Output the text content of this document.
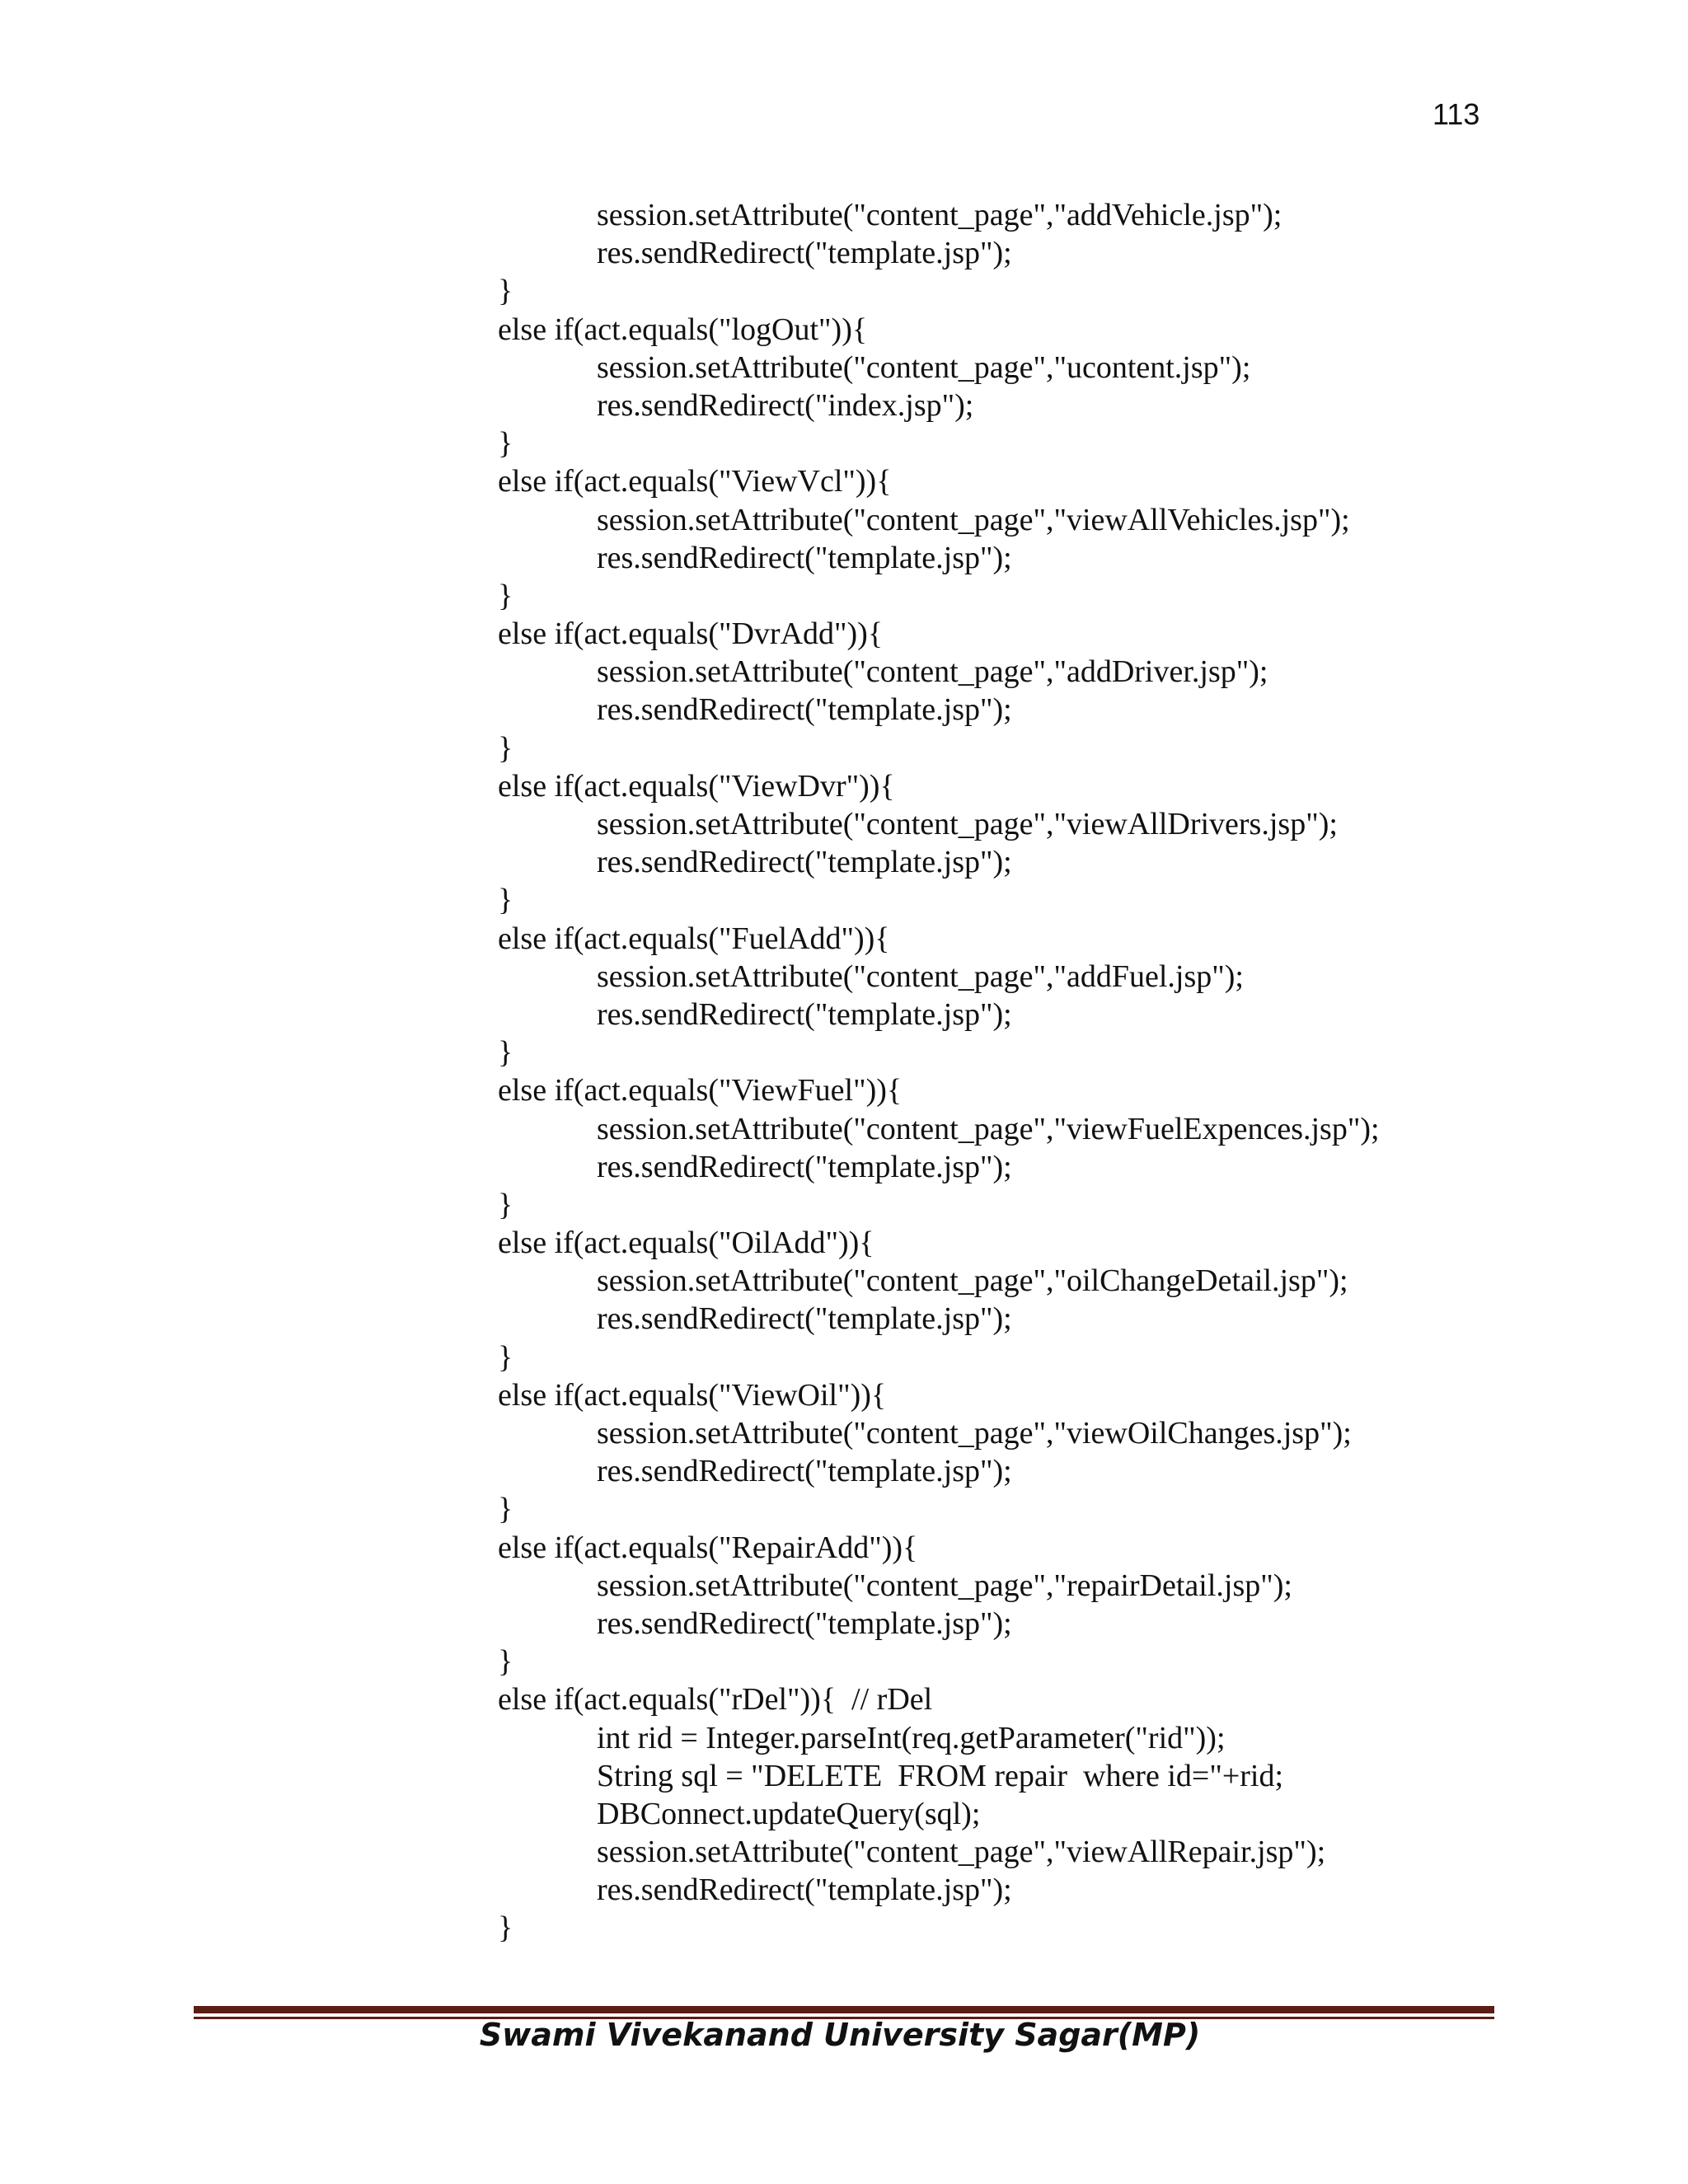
113
session.setAttribute("content_page","addVehicle.jsp");
res.sendRedirect("template.jsp");
}
else if(act.equals("logOut")){
session.setAttribute("content_page","ucontent.jsp");
res.sendRedirect("index.jsp");
}
else if(act.equals("ViewVcl")){
session.setAttribute("content_page","viewAllVehicles.jsp");
res.sendRedirect("template.jsp");
}
else if(act.equals("DvrAdd")){
session.setAttribute("content_page","addDriver.jsp");
res.sendRedirect("template.jsp");
}
else if(act.equals("ViewDvr")){
session.setAttribute("content_page","viewAllDrivers.jsp");
res.sendRedirect("template.jsp");
}
else if(act.equals("FuelAdd")){
session.setAttribute("content_page","addFuel.jsp");
res.sendRedirect("template.jsp");
}
else if(act.equals("ViewFuel")){
session.setAttribute("content_page","viewFuelExpences.jsp");
res.sendRedirect("template.jsp");
}
else if(act.equals("OilAdd")){
session.setAttribute("content_page","oilChangeDetail.jsp");
res.sendRedirect("template.jsp");
}
else if(act.equals("ViewOil")){
session.setAttribute("content_page","viewOilChanges.jsp");
res.sendRedirect("template.jsp");
}
else if(act.equals("RepairAdd")){
session.setAttribute("content_page","repairDetail.jsp");
res.sendRedirect("template.jsp");
}
else if(act.equals("rDel")){  // rDel
int rid = Integer.parseInt(req.getParameter("rid"));
String sql = "DELETE  FROM repair  where id="+rid;
DBConnect.updateQuery(sql);
session.setAttribute("content_page","viewAllRepair.jsp");
res.sendRedirect("template.jsp");
}
Swami Vivekanand University Sagar(MP)
